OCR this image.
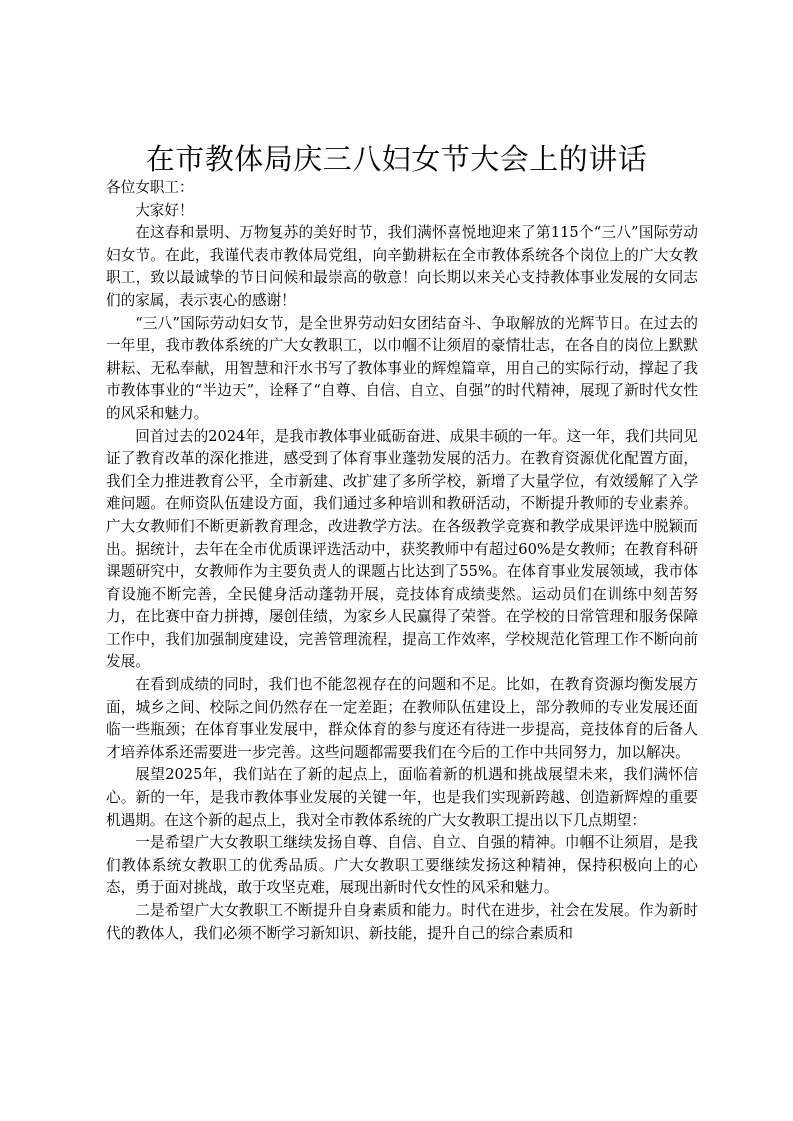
在市教体局庆三八妇女节大会上的讲话

各位女职工：

大家好！

在这春和景明、万物复苏的美好时节，我们满怀喜悦地迎来了第115个“三八”国际劳动妇女节。在此，我谨代表市教体局党组，向辛勤耕耘在全市教体系统各个岗位上的广大女教职工，致以最诚挚的节日问候和最崇高的敬意！向长期以来关心支持教体事业发展的女同志们的家属，表示衷心的感谢！

“三八”国际劳动妇女节，是全世界劳动妇女团结奋斗、争取解放的光辉节日。在过去的一年里，我市教体系统的广大女教职工，以巾帼不让须眉的豪情壮志，在各自的岗位上默默耕耘、无私奉献，用智慧和汗水书写了教体事业的辉煌篇章，用自己的实际行动，撑起了我市教体事业的“半边天”，诠释了“自尊、自信、自立、自强”的时代精神，展现了新时代女性的风采和魅力。

回首过去的2024年，是我市教体事业砥砺奋进、成果丰硕的一年。这一年，我们共同见证了教育改革的深化推进，感受到了体育事业蓬勃发展的活力。在教育资源优化配置方面，我们全力推进教育公平，全市新建、改扩建了多所学校，新增了大量学位，有效缓解了入学难问题。在师资队伍建设方面，我们通过多种培训和教研活动，不断提升教师的专业素养。广大女教师们不断更新教育理念，改进教学方法。在各级教学竞赛和教学成果评选中脱颖而出。据统计，去年在全市优质课评选活动中，获奖教师中有超过60%是女教师；在教育科研课题研究中，女教师作为主要负责人的课题占比达到了55%。在体育事业发展领域，我市体育设施不断完善，全民健身活动蓬勃开展，竞技体育成绩斐然。运动员们在训练中刻苦努力，在比赛中奋力拼搏，屡创佳绩，为家乡人民赢得了荣誉。在学校的日常管理和服务保障工作中，我们加强制度建设，完善管理流程，提高工作效率，学校规范化管理工作不断向前发展。

在看到成绩的同时，我们也不能忽视存在的问题和不足。比如，在教育资源均衡发展方面，城乡之间、校际之间仍然存在一定差距；在教师队伍建设上，部分教师的专业发展还面临一些瓶颈；在体育事业发展中，群众体育的参与度还有待进一步提高，竞技体育的后备人才培养体系还需要进一步完善。这些问题都需要我们在今后的工作中共同努力，加以解决。

展望2025年，我们站在了新的起点上，面临着新的机遇和挑战展望未来，我们满怀信心。新的一年，是我市教体事业发展的关键一年，也是我们实现新跨越、创造新辉煌的重要机遇期。在这个新的起点上，我对全市教体系统的广大女教职工提出以下几点期望：

一是希望广大女教职工继续发扬自尊、自信、自立、自强的精神。巾帼不让须眉，是我们教体系统女教职工的优秀品质。广大女教职工要继续发扬这种精神，保持积极向上的心态，勇于面对挑战，敢于攻坚克难，展现出新时代女性的风采和魅力。

二是希望广大女教职工不断提升自身素质和能力。时代在进步，社会在发展。作为新时代的教体人，我们必须不断学习新知识、新技能，提升自己的综合素质和
